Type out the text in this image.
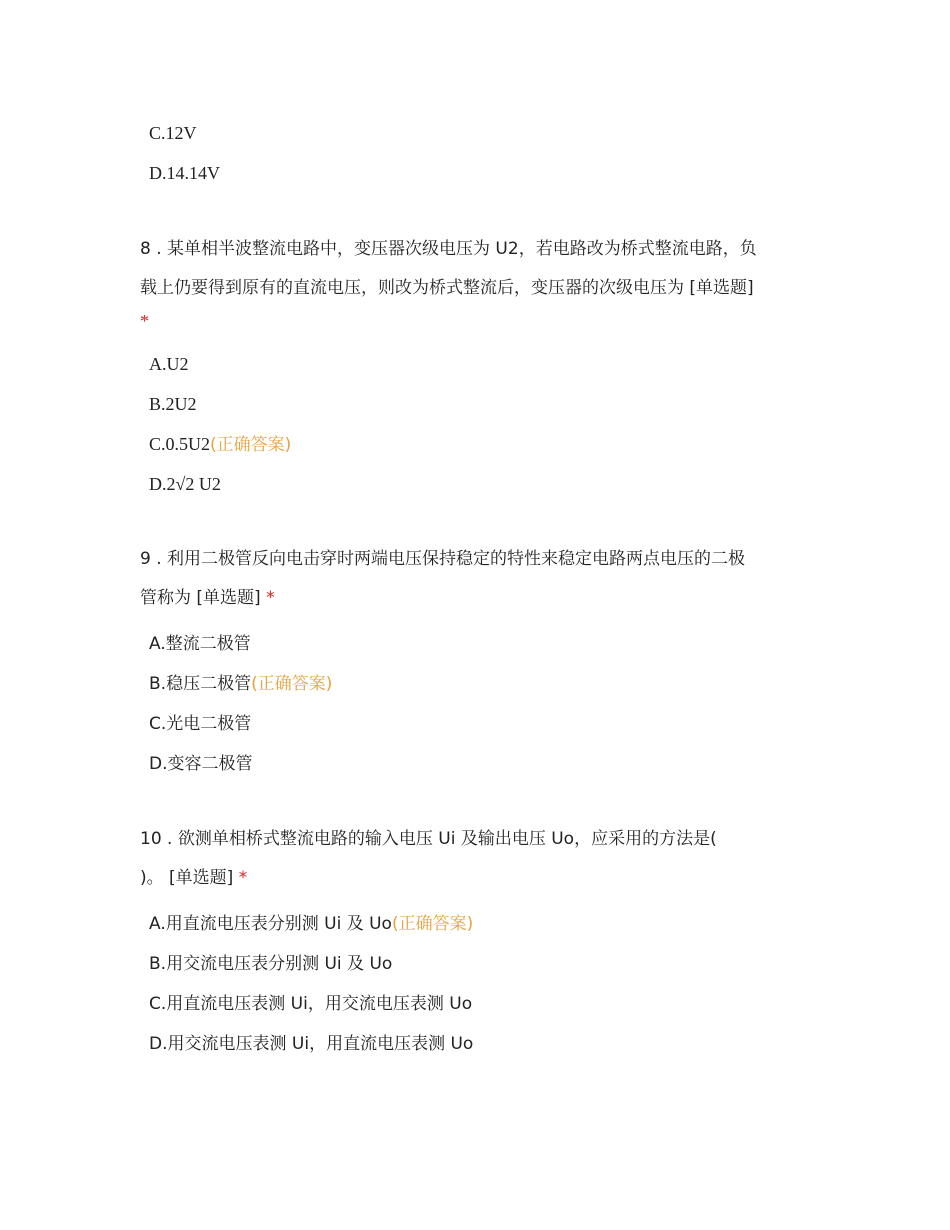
C.12V
D.14.14V
8 . 某单相半波整流电路中，变压器次级电压为 U2，若电路改为桥式整流电路，负
载上仍要得到原有的直流电压，则改为桥式整流后，变压器的次级电压为 [单选题]
*
A.U2
B.2U2
C.0.5U2(正确答案)
D.2√2 U2
9 . 利用二极管反向电击穿时两端电压保持稳定的特性来稳定电路两点电压的二极
管称为 [单选题] *
A.整流二极管
B.稳压二极管(正确答案)
C.光电二极管
D.变容二极管
10 . 欲测单相桥式整流电路的输入电压 Ui 及输出电压 Uo，应采用的方法是(
)。 [单选题] *
A.用直流电压表分别测 Ui 及 Uo(正确答案)
B.用交流电压表分别测 Ui 及 Uo
C.用直流电压表测 Ui，用交流电压表测 Uo
D.用交流电压表测 Ui，用直流电压表测 Uo
